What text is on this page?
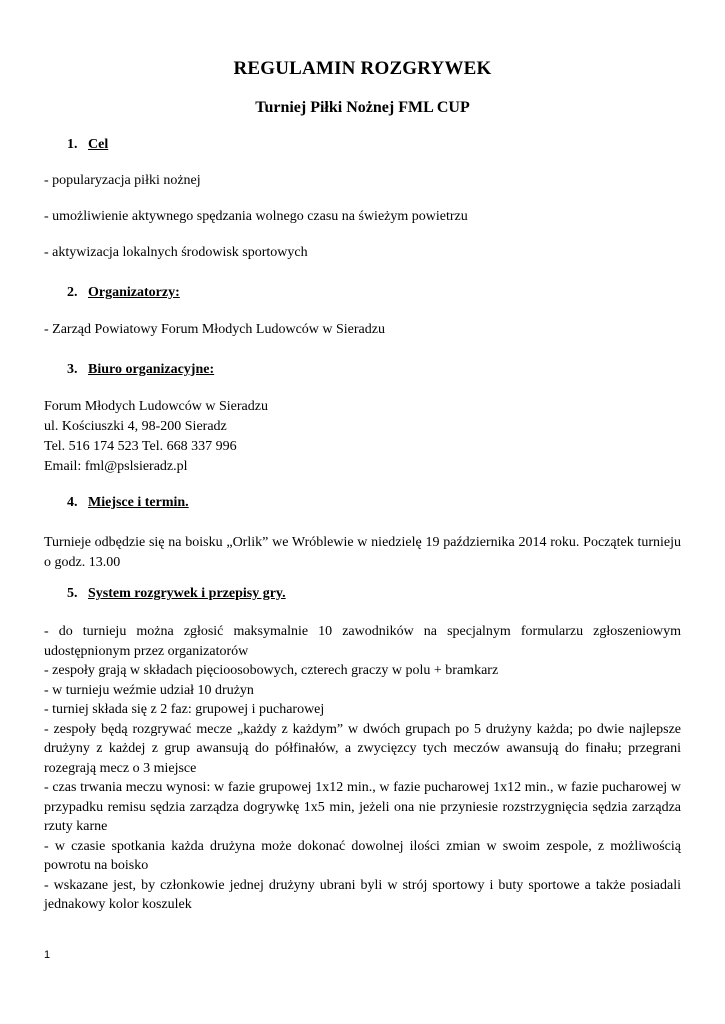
REGULAMIN ROZGRYWEK
Turniej Piłki Nożnej FML CUP
1. Cel
- popularyzacja piłki nożnej
- umożliwienie aktywnego spędzania wolnego czasu na świeżym powietrzu
- aktywizacja lokalnych środowisk sportowych
2. Organizatorzy:
- Zarząd Powiatowy Forum Młodych Ludowców w Sieradzu
3. Biuro organizacyjne:
Forum Młodych Ludowców w Sieradzu
ul. Kościuszki 4, 98-200 Sieradz
Tel. 516 174 523 Tel. 668 337 996
Email: fml@pslsieradz.pl
4. Miejsce i termin.

Turnieje odbędzie się na boisku „Orlik” we Wróblewie w niedzielę 19 października 2014 roku. Początek turnieju o godz. 13.00

5. System rozgrywek i przepisy gry.

- do turnieju można zgłosić maksymalnie 10 zawodników na specjalnym formularzu zgłoszeniowym udostępnionym przez organizatorów

- zespoły grają w składach pięcioosobowych, czterech graczy w polu + bramkarz

- w turnieju weźmie udział 10 drużyn

- turniej składa się z 2 faz: grupowej i pucharowej

- zespoły będą rozgrywać mecze „każdy z każdym” w dwóch grupach po 5 drużyny każda; po dwie najlepsze drużyny z każdej z grup awansują do półfinałów, a zwycięzcy tych meczów awansują do finału; przegrani rozegrają mecz o 3 miejsce

- czas trwania meczu wynosi: w fazie grupowej 1x12 min., w fazie pucharowej 1x12 min., w fazie pucharowej w przypadku remisu sędzia zarządza dogrywkę 1x5 min, jeżeli ona nie przyniesie rozstrzygnięcia sędzia zarządza rzuty karne

- w czasie spotkania każda drużyna może dokonać dowolnej ilości zmian w swoim zespole, z możliwością powrotu na boisko

- wskazane jest, by członkowie jednej drużyny ubrani byli w strój sportowy i buty sportowe a także posiadali jednakowy kolor koszulek

1
